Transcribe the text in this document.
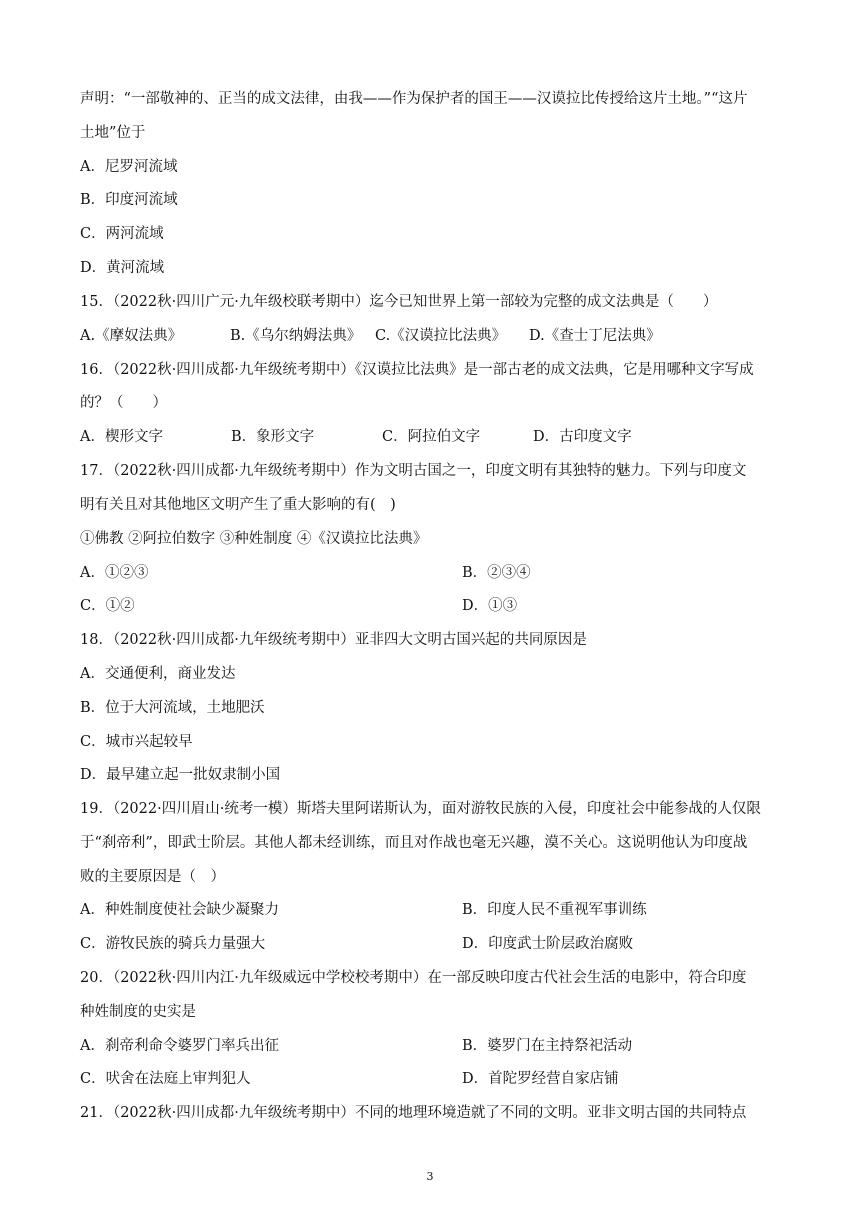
声明：“一部敬神的、正当的成文法律，由我——作为保护者的国王——汉谟拉比传授给这片土地。”“这片
土地”位于
A．尼罗河流域
B．印度河流域
C．两河流域
D．黄河流域
15．（2022秋·四川广元·九年级校联考期中）迄今已知世界上第一部较为完整的成文法典是（　　）
A.《摩奴法典》	B.《乌尔纳姆法典》 C.《汉谟拉比法典》 D.《查士丁尼法典》
16．（2022秋·四川成都·九年级统考期中）《汉谟拉比法典》是一部古老的成文法典，它是用哪种文字写成
的？（　　）
A．楔形文字	B．象形文字	C．阿拉伯文字	D．古印度文字
17．（2022秋·四川成都·九年级统考期中）作为文明古国之一，印度文明有其独特的魅力。下列与印度文
明有关且对其他地区文明产生了重大影响的有(　)
①佛教 ②阿拉伯数字 ③种姓制度 ④《汉谟拉比法典》
A．①②③	B．②③④
C．①②	D．①③
18．（2022秋·四川成都·九年级统考期中）亚非四大文明古国兴起的共同原因是
A．交通便利，商业发达
B．位于大河流域，土地肥沃
C．城市兴起较早
D．最早建立起一批奴隶制小国
19．（2022·四川眉山·统考一模）斯塔夫里阿诺斯认为，面对游牧民族的入侵，印度社会中能参战的人仅限
于“刹帝利”，即武士阶层。其他人都未经训练，而且对作战也毫无兴趣，漠不关心。这说明他认为印度战
败的主要原因是（　）
A．种姓制度使社会缺少凝聚力	B．印度人民不重视军事训练
C．游牧民族的骑兵力量强大	D．印度武士阶层政治腐败
20．（2022秋·四川内江·九年级威远中学校校考期中）在一部反映印度古代社会生活的电影中，符合印度
种姓制度的史实是
A．刹帝利命令婆罗门率兵出征	B．婆罗门在主持祭祀活动
C．吠舍在法庭上审判犯人	D．首陀罗经营自家店铺
21．（2022秋·四川成都·九年级统考期中）不同的地理环境造就了不同的文明。亚非文明古国的共同特点
3
